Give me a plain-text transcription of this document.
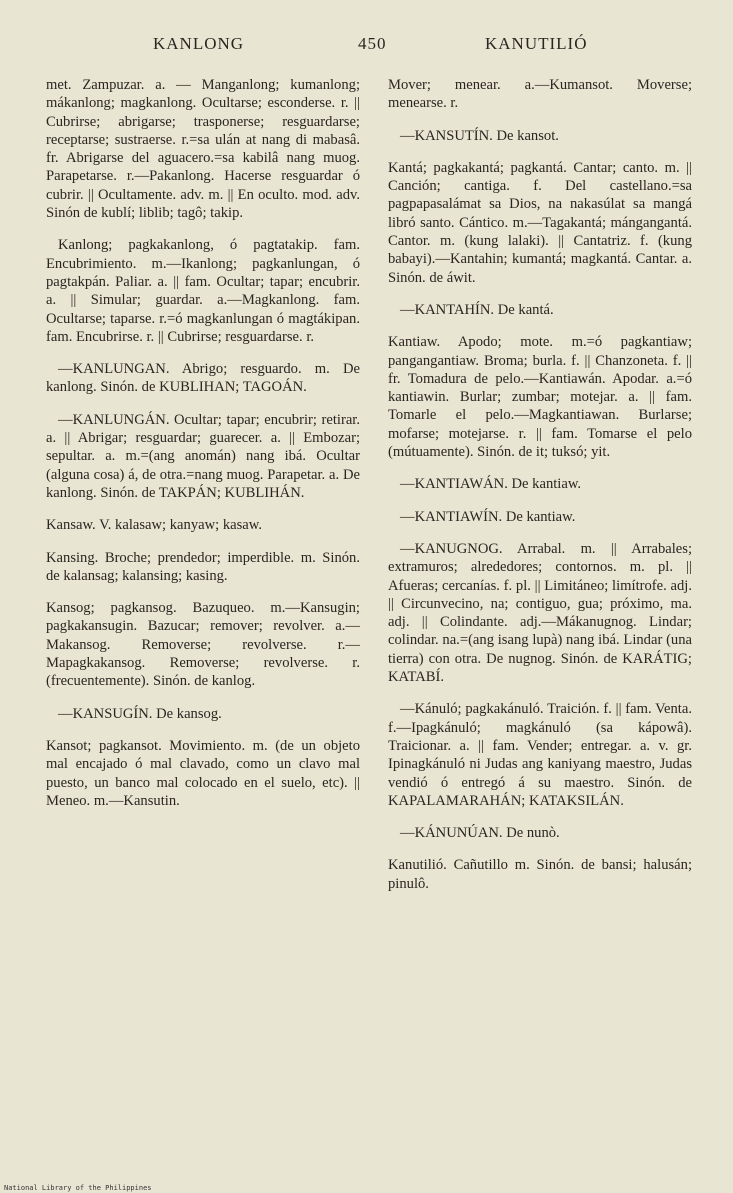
KANLONG	450	KANUTILIÓ

met. Zampuzar. a. — Manganlong; kumanlong; mákanlong; magkanlong. Ocultarse; esconderse. r. || Cubrirse; abrigarse; trasponerse; resguardarse; receptarse; sustraerse. r.=sa ulán at nang di mabasâ. fr. Abrigarse del aguacero.=sa kabilâ nang muog. Parapetarse. r.—Pakanlong. Hacerse resguardar ó cubrir. || Ocultamente. adv. m. || En oculto. mod. adv. Sinón de kublí; liblib; tagô; takip.

Kanlong; pagkakanlong, ó pagtatakip. fam. Encubrimiento. m.—Ikanlong; pagkanlungan, ó pagtakpán. Paliar. a. || fam. Ocultar; tapar; encubrir. a. || Simular; guardar. a.—Magkanlong. fam. Ocultarse; taparse. r.=ó magkanlungan ó magtákipan. fam. Encubrirse. r. || Cubrirse; resguardarse. r.

—KANLUNGAN. Abrigo; resguardo. m. De kanlong. Sinón. de KUBLIHAN; TAGOÁN.

—KANLUNGÁN. Ocultar; tapar; encubrir; retirar. a. || Abrigar; resguardar; guarecer. a. || Embozar; sepultar. a. m.=(ang anomán) nang ibá. Ocultar (alguna cosa) á, de otra.=nang muog. Parapetar. a. De kanlong. Sinón. de TAKPÁN; KUBLIHÁN.

Kansaw. V. kalasaw; kanyaw; kasaw.

Kansing. Broche; prendedor; imperdible. m. Sinón. de kalansag; kalansing; kasing.

Kansog; pagkansog. Bazuqueo. m.—Kansugin; pagkakansugin. Bazucar; remover; revolver. a.—Makansog. Removerse; revolverse. r.—Mapagkakansog. Removerse; revolverse. r. (frecuentemente). Sinón. de kanlog.

—KANSUGÍN. De kansog.

Kansot; pagkansot. Movimiento. m. (de un objeto mal encajado ó mal clavado, como un clavo mal puesto, un banco mal colocado en el suelo, etc). || Meneo. m.—Kansutin.

Mover; menear. a.—Kumansot. Moverse; menearse. r.

—KANSUTÍN. De kansot.

Kantá; pagkakantá; pagkantá. Cantar; canto. m. || Canción; cantiga. f. Del castellano.=sa pagpapasalámat sa Dios, na nakasúlat sa mangá libró santo. Cántico. m.—Tagakantá; mángangantá. Cantor. m. (kung lalaki). || Cantatriz. f. (kung babayi).—Kantahin; kumantá; magkantá. Cantar. a. Sinón. de áwit.

—KANTAHÍN. De kantá.

Kantiaw. Apodo; mote. m.=ó pagkantiaw; pangangantiaw. Broma; burla. f. || Chanzoneta. f. || fr. Tomadura de pelo.—Kantiawán. Apodar. a.=ó kantiawin. Burlar; zumbar; motejar. a. || fam. Tomarle el pelo.—Magkantiawan. Burlarse; mofarse; motejarse. r. || fam. Tomarse el pelo (mútuamente). Sinón. de it; tuksó; yit.

—KANTIAWÁN. De kantiaw.

—KANTIAWÍN. De kantiaw.

—KANUGNOG. Arrabal. m. || Arrabales; extramuros; alrededores; contornos. m. pl. || Afueras; cercanías. f. pl. || Limitáneo; limítrofe. adj. || Circunvecino, na; contiguo, gua; próximo, ma. adj. || Colindante. adj.—Mákanugnog. Lindar; colindar. na.=(ang isang lupà) nang ibá. Lindar (una tierra) con otra. De nugnog. Sinón. de KARÁTIG; KATABÍ.

—Kánuló; pagkakánuló. Traición. f. || fam. Venta. f.—Ipagkánuló; magkánuló (sa kápowâ). Traicionar. a. || fam. Vender; entregar. a. v. gr. Ipinagkánuló ni Judas ang kaniyang maestro, Judas vendió ó entregó á su maestro. Sinón. de KAPALAMARAHÁN; KATAKSILÁN.

—KÁNUNÚAN. De nunò.

Kanutilió. Cañutillo m. Sinón. de bansi; halusán; pinulô.

National Library of the Philippines
